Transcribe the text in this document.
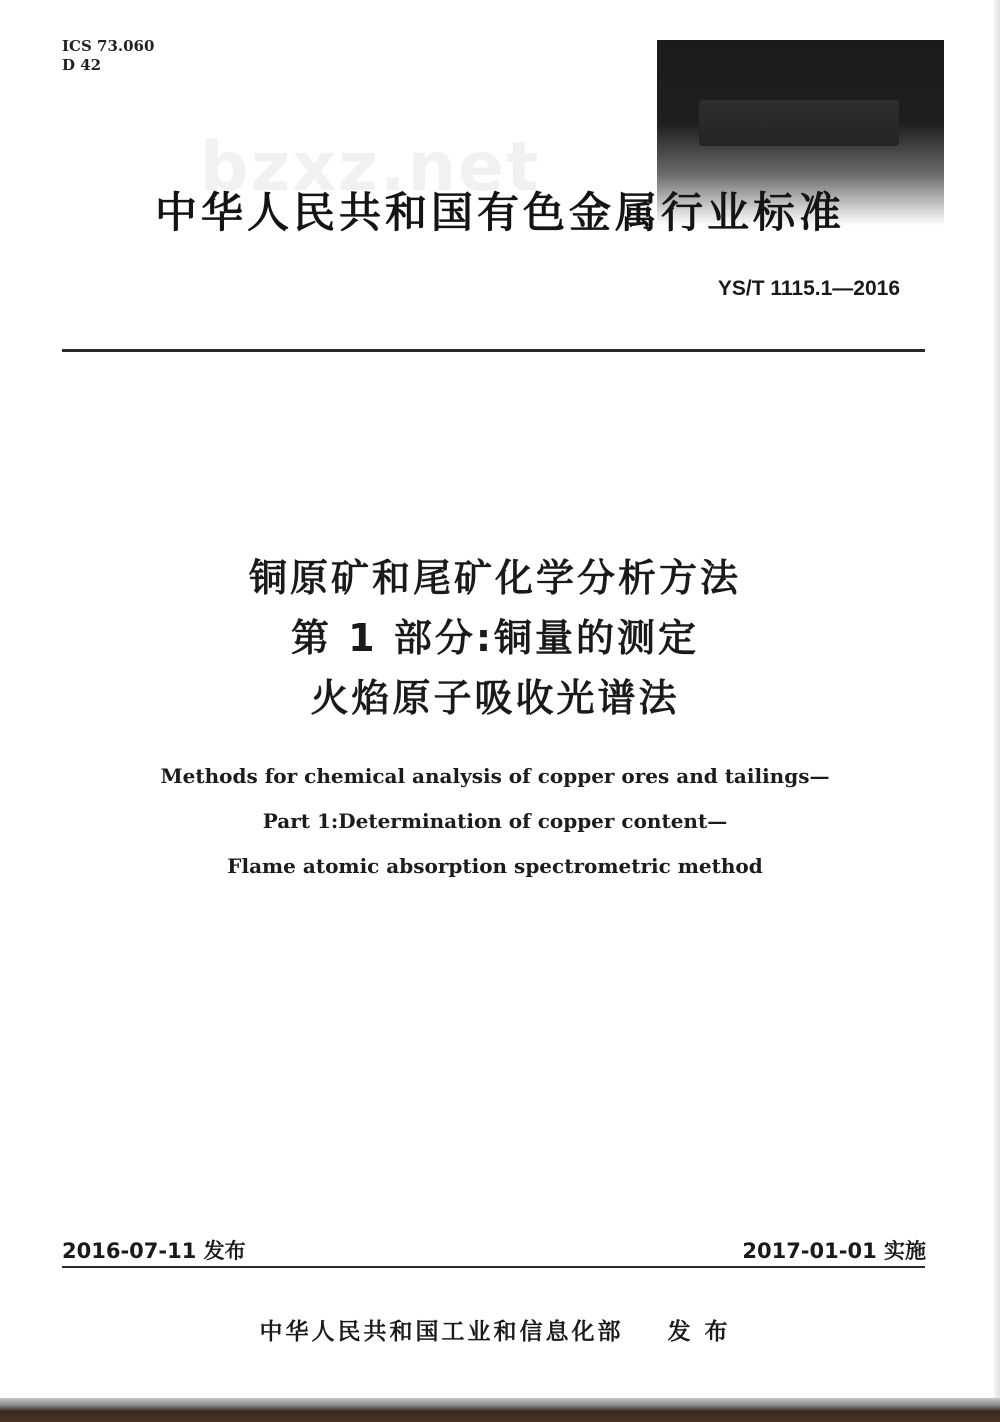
ICS 73.060
D 42
bzxz.net
中华人民共和国有色金属行业标准
YS/T 1115.1—2016
铜原矿和尾矿化学分析方法
第 1 部分:铜量的测定
火焰原子吸收光谱法
Methods for chemical analysis of copper ores and tailings—
Part 1:Determination of copper content—
Flame atomic absorption spectrometric method
2016-07-11 发布	2017-01-01 实施
中华人民共和国工业和信息化部 发 布
